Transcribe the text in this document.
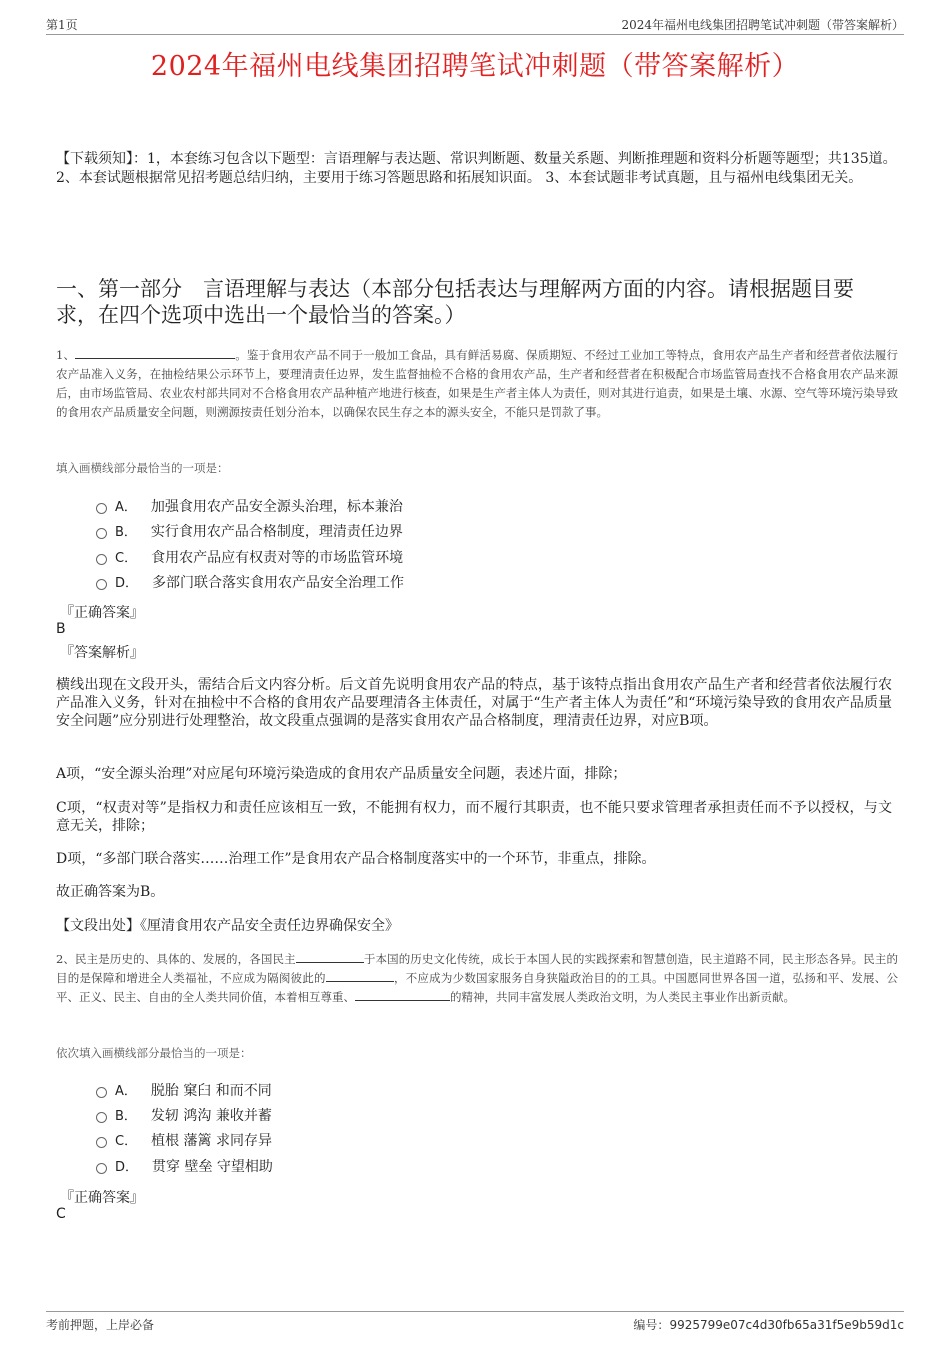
第1页	2024年福州电线集团招聘笔试冲刺题（带答案解析）
2024年福州电线集团招聘笔试冲刺题（带答案解析）
【下载须知】：1，本套练习包含以下题型：言语理解与表达题、常识判断题、数量关系题、判断推理题和资料分析题等题型；共135道。 2、本套试题根据常见招考题总结归纳，主要用于练习答题思路和拓展知识面。 3、本套试题非考试真题，且与福州电线集团无关。
一、第一部分　言语理解与表达（本部分包括表达与理解两方面的内容。请根据题目要求，在四个选项中选出一个最恰当的答案。）
1、	。鉴于食用农产品不同于一般加工食品，具有鲜活易腐、保质期短、不经过工业加工等特点，食用农产品生产者和经营者依法履行农产品准入义务，在抽检结果公示环节上，要理清责任边界，发生监督抽检不合格的食用农产品，生产者和经营者在积极配合市场监管局查找不合格食用农产品来源后，由市场监管局、农业农村部共同对不合格食用农产品种植产地进行核查，如果是生产者主体人为责任，则对其进行追责，如果是土壤、水源、空气等环境污染导致的食用农产品质量安全问题，则溯源按责任划分治本，以确保农民生存之本的源头安全，不能只是罚款了事。
填入画横线部分最恰当的一项是：
A． 加强食用农产品安全源头治理，标本兼治
B． 实行食用农产品合格制度，理清责任边界
C． 食用农产品应有权责对等的市场监管环境
D． 多部门联合落实食用农产品安全治理工作
『正确答案』
B
『答案解析』
横线出现在文段开头，需结合后文内容分析。后文首先说明食用农产品的特点，基于该特点指出食用农产品生产者和经营者依法履行农产品准入义务，针对在抽检中不合格的食用农产品要理清各主体责任，对属于“生产者主体人为责任”和“环境污染导致的食用农产品质量安全问题”应分别进行处理整治，故文段重点强调的是落实食用农产品合格制度，理清责任边界，对应B项。
A项，“安全源头治理”对应尾句环境污染造成的食用农产品质量安全问题，表述片面，排除；
C项，“权责对等”是指权力和责任应该相互一致，不能拥有权力，而不履行其职责，也不能只要求管理者承担责任而不予以授权，与文意无关，排除；
D项，“多部门联合落实……治理工作”是食用农产品合格制度落实中的一个环节，非重点，排除。
故正确答案为B。
【文段出处】《厘清食用农产品安全责任边界确保安全》
2、民主是历史的、具体的、发展的，各国民主	于本国的历史文化传统，成长于本国人民的实践探索和智慧创造，民主道路不同，民主形态各异。民主的目的是保障和增进全人类福祉，不应成为隔阂彼此的	，不应成为少数国家服务自身狭隘政治目的的工具。中国愿同世界各国一道，弘扬和平、发展、公平、正义、民主、自由的全人类共同价值，本着相互尊重、	的精神，共同丰富发展人类政治文明，为人类民主事业作出新贡献。
依次填入画横线部分最恰当的一项是：
A． 脱胎 窠臼 和而不同
B． 发轫 鸿沟 兼收并蓄
C． 植根 藩篱 求同存异
D． 贯穿 壁垒 守望相助
『正确答案』
C
考前押题，上岸必备	编号：9925799e07c4d30fb65a31f5e9b59d1c
